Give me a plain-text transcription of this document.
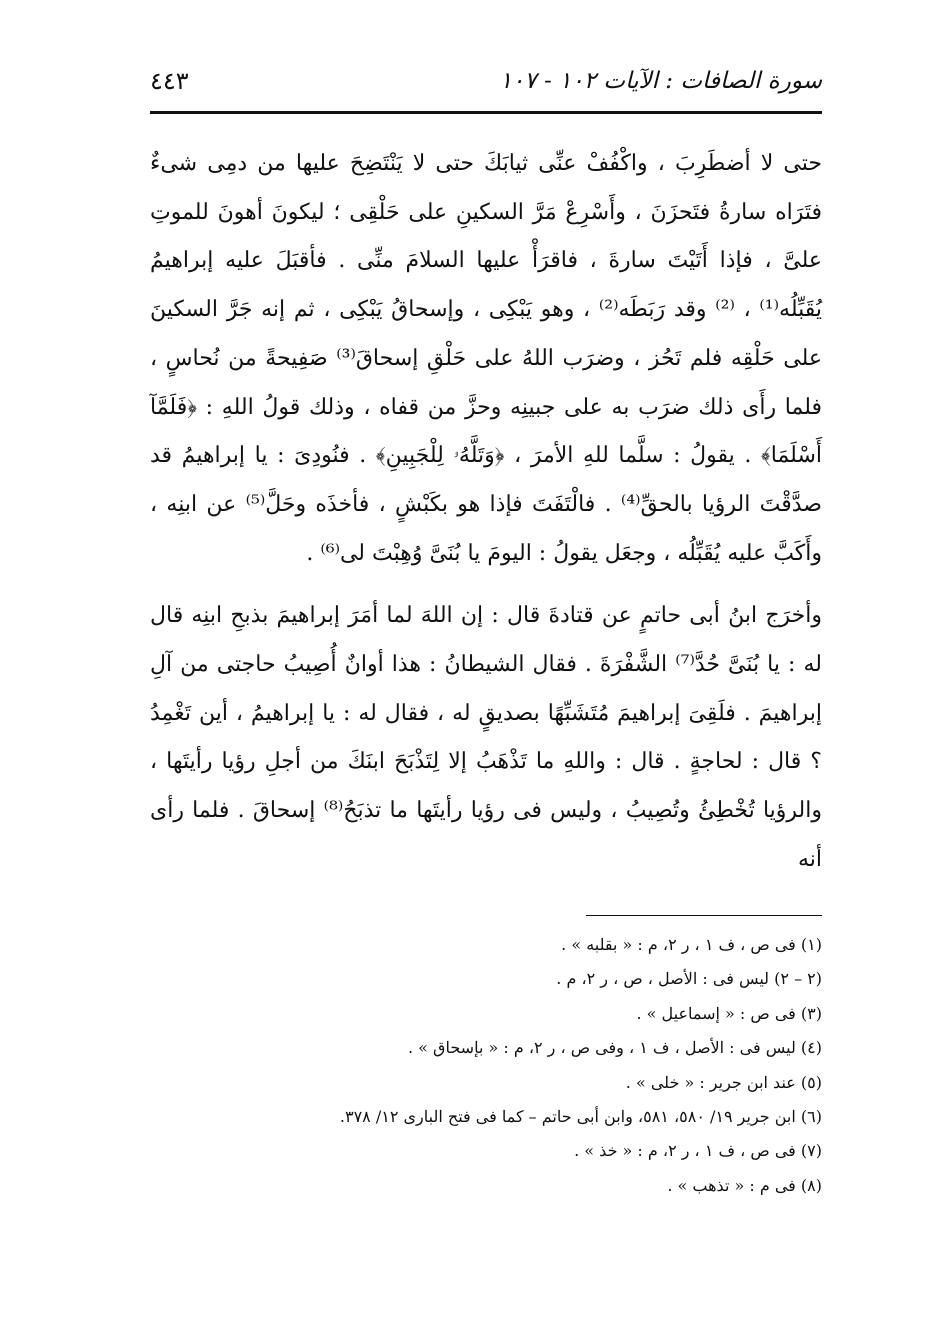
سورة الصافات : الآيات ١٠٢ - ١٠٧
٤٤٣

حتى لا أضطَرِبَ ، واكْفُفْ عنِّى ثيابَكَ حتى لا يَنْتَضِحَ عليها من دمِى شىءٌ فتَرَاه سارةُ فتَحزَنَ ، وأَسْرِعْ مَرَّ السكينِ على حَلْقِى ؛ ليكونَ أهونَ للموتِ علىَّ ، فإذا أَتَيْتَ سارةَ ، فاقرَأْ عليها السلامَ منِّى . فأقبَلَ عليه إبراهيمُ يُقَبِّلُه⁽¹⁾ ، ⁽²⁾ وقد رَبَطَه⁽²⁾ ، وهو يَبْكِى ، وإسحاقُ يَبْكِى ، ثم إنه جَرَّ السكينَ على حَلْقِه فلم تَحُز ، وضرَب اللهُ على حَلْقِ إسحاقَ⁽³⁾ صَفِيحةً من نُحاسٍ ، فلما رأَى ذلك ضرَب به على جبينِه وحزَّ من قفاه ، وذلك قولُ اللهِ : ﴿فَلَمَّآ أَسْلَمَا﴾ . يقولُ : سلَّما للهِ الأمرَ ، ﴿وَتَلَّهُۥ لِلْجَبِينِ﴾ . فنُودِىَ : يا إبراهيمُ قد صدَّقْتَ الرؤيا بالحقِّ⁽⁴⁾ . فالْتَفَتَ فإذا هو بكَبْشٍ ، فأخذَه وحَلَّ⁽⁵⁾ عن ابنِه ، وأَكَبَّ عليه يُقَبِّلُه ، وجعَل يقولُ : اليومَ يا بُنَىَّ وُهِبْتَ لى⁽⁶⁾ .

وأخرَج ابنُ أبى حاتمٍ عن قتادةَ قال : إن اللهَ لما أمَرَ إبراهيمَ بذبحِ ابنِه قال له : يا بُنَىَّ حُدَّ⁽⁷⁾ الشَّفْرَةَ . فقال الشيطانُ : هذا أوانٌ أُصِيبُ حاجتى من آلِ إبراهيمَ . فلَقِىَ إبراهيمَ مُتَشَبِّهًا بصديقٍ له ، فقال له : يا إبراهيمُ ، أين تَغْمِدُ ؟ قال : لحاجةٍ . قال : واللهِ ما تَذْهَبُ إلا لِتَذْبَحَ ابنَكَ من أجلِ رؤيا رأيتَها ، والرؤيا تُخْطِئُ وتُصِيبُ ، وليس فى رؤيا رأيتَها ما تذبَحُ⁽⁸⁾ إسحاقَ . فلما رأى أنه

(١) فى ص ، ف ١ ، ر ٢، م : « بقلبه » .
(٢ – ٢) ليس فى : الأصل ، ص ، ر ٢، م .
(٣) فى ص : « إسماعيل » .
(٤) ليس فى : الأصل ، ف ١ ، وفى ص ، ر ٢، م : « بإسحاق » .
(٥) عند ابن جرير : « خلى » .
(٦) ابن جرير ١٩/ ٥٨٠، ٥٨١، وابن أبى حاتم – كما فى فتح البارى ١٢/ ٣٧٨.
(٧) فى ص ، ف ١ ، ر ٢، م : « خذ » .
(٨) فى م : « تذهب » .
